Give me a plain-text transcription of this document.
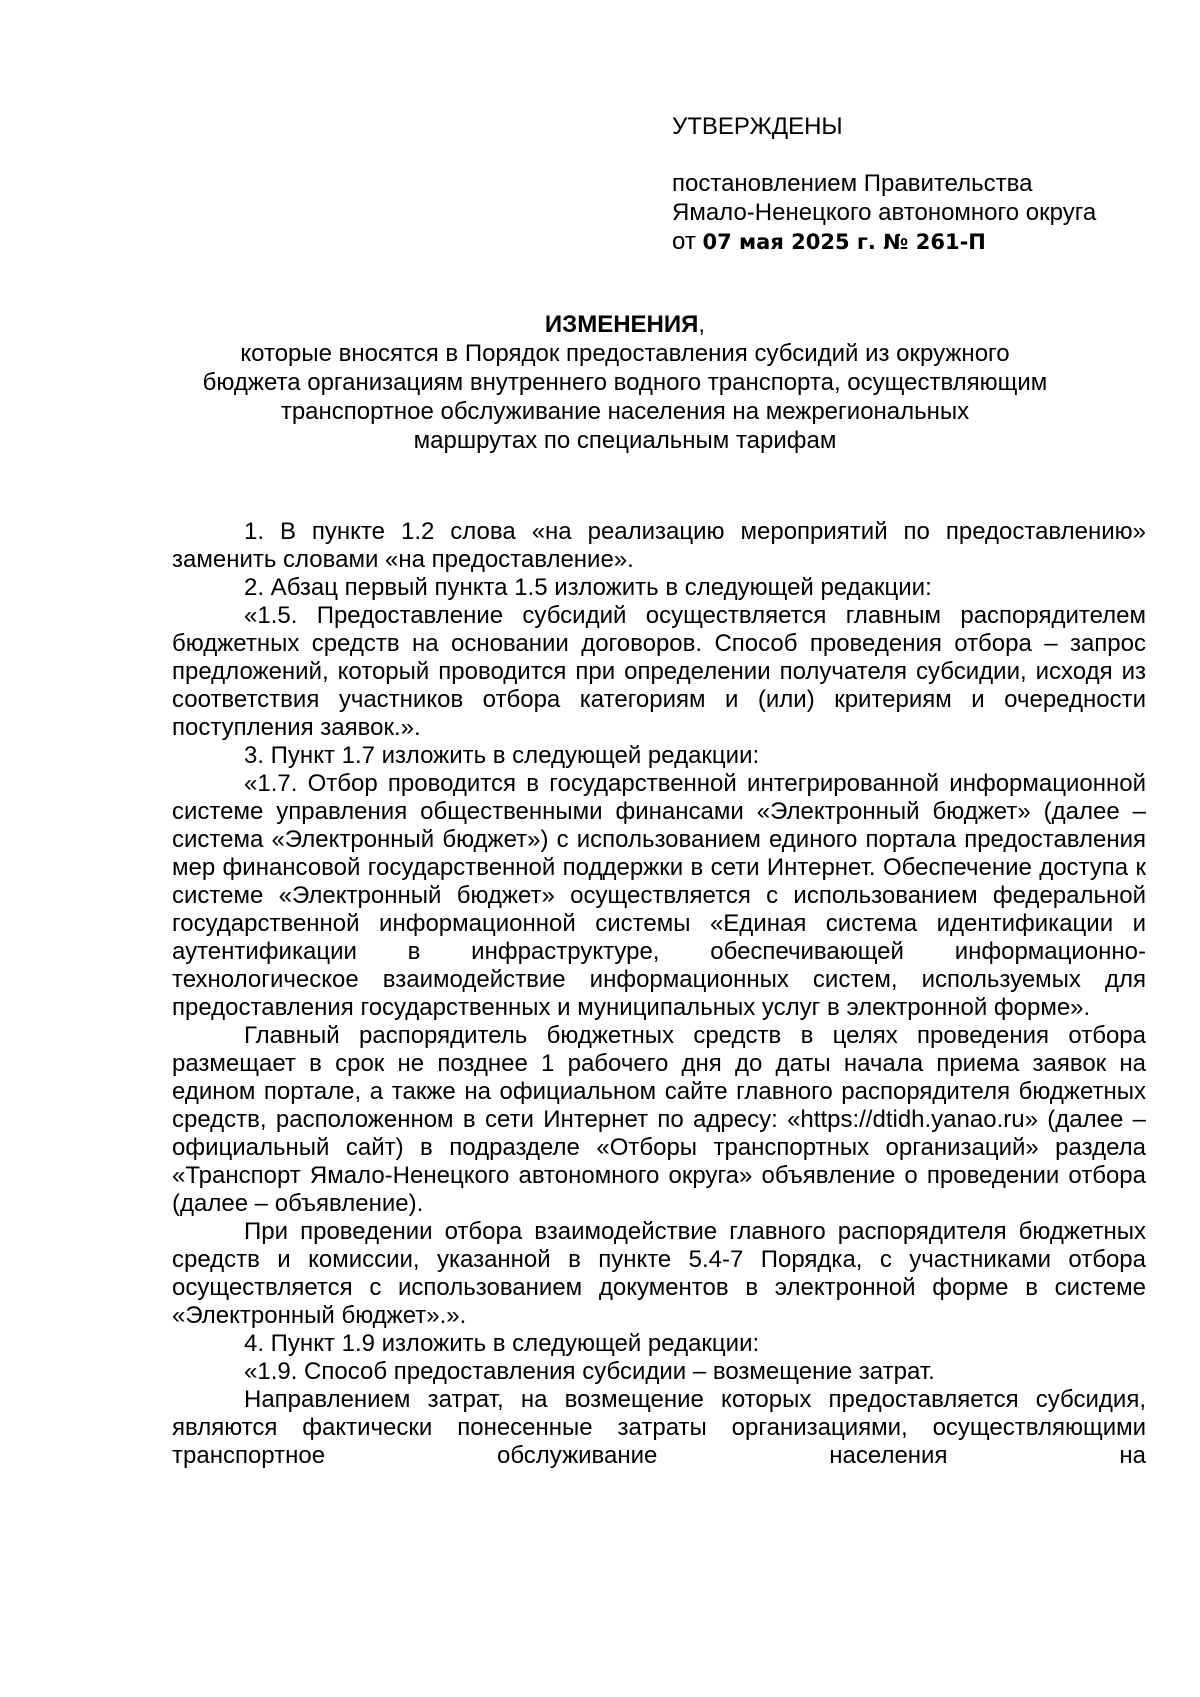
УТВЕРЖДЕНЫ
постановлением Правительства
Ямало-Ненецкого автономного округа
от 07 мая 2025 г. № 261-П
ИЗМЕНЕНИЯ,
которые вносятся в Порядок предоставления субсидий из окружного
бюджета организациям внутреннего водного транспорта, осуществляющим
транспортное обслуживание населения на межрегиональных
маршрутах по специальным тарифам

1. В пункте 1.2 слова «на реализацию мероприятий по предоставлению» заменить словами «на предоставление».

2. Абзац первый пункта 1.5 изложить в следующей редакции:

«1.5. Предоставление субсидий осуществляется главным распорядителем бюджетных средств на основании договоров. Способ проведения отбора – запрос предложений, который проводится при определении получателя субсидии, исходя из соответствия участников отбора категориям и (или) критериям и очередности поступления заявок.».

3. Пункт 1.7 изложить в следующей редакции:

«1.7. Отбор проводится в государственной интегрированной информационной системе управления общественными финансами «Электронный бюджет» (далее – система «Электронный бюджет») с использованием единого портала предоставления мер финансовой государственной поддержки в сети Интернет. Обеспечение доступа к системе «Электронный бюджет» осуществляется с использованием федеральной государственной информационной системы «Единая система идентификации и аутентификации в инфраструктуре, обеспечивающей информационно-технологическое взаимодействие информационных систем, используемых для предоставления государственных и муниципальных услуг в электронной форме».

Главный распорядитель бюджетных средств в целях проведения отбора размещает в срок не позднее 1 рабочего дня до даты начала приема заявок на едином портале, а также на официальном сайте главного распорядителя бюджетных средств, расположенном в сети Интернет по адресу: «https://dtidh.yanao.ru» (далее – официальный сайт) в подразделе «Отборы транспортных организаций» раздела «Транспорт Ямало-Ненецкого автономного округа» объявление о проведении отбора (далее – объявление).

При проведении отбора взаимодействие главного распорядителя бюджетных средств и комиссии, указанной в пункте 5.4-7 Порядка, с участниками отбора осуществляется с использованием документов в электронной форме в системе «Электронный бюджет».».

4. Пункт 1.9 изложить в следующей редакции:

«1.9. Способ предоставления субсидии – возмещение затрат.

Направлением затрат, на возмещение которых предоставляется субсидия, являются фактически понесенные затраты организациями, осуществляющими транспортное обслуживание населения на
